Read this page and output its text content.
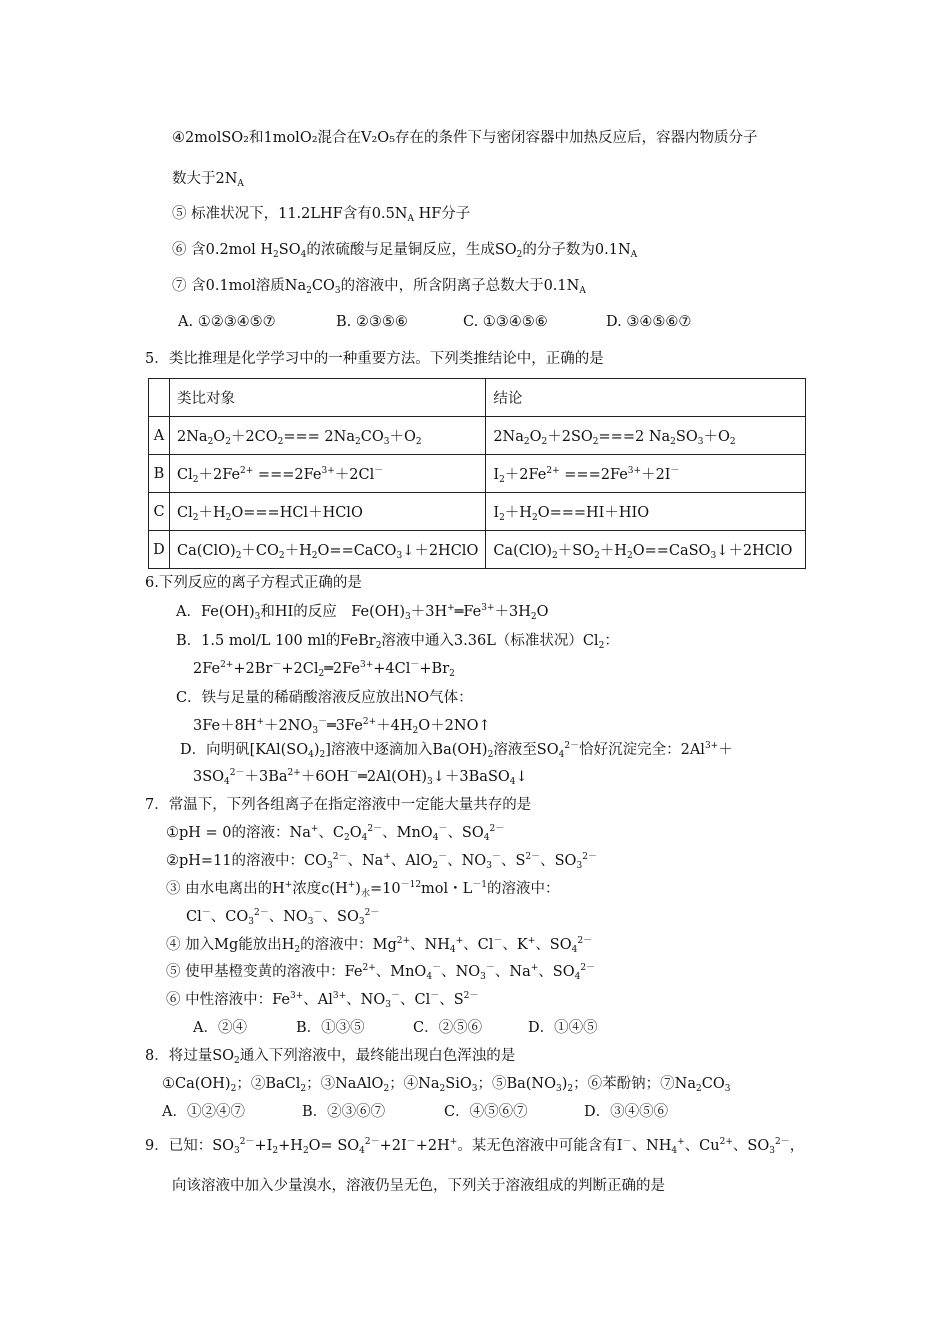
④2molSO₂和1molO₂混合在V₂O₅存在的条件下与密闭容器中加热反应后，容器内物质分子
数大于$2N_A$
⑤ 标准状况下，11.2LHF含有$0.5N_A$ HF分子
⑥ 含0.2mol $H_2SO_4$的浓硫酸与足量铜反应，生成$SO_2$的分子数为$0.1N_A$
⑦ 含0.1mol溶质$Na_2CO_3$的溶液中，所含阴离子总数大于$0.1N_A$
A. ①②③④⑤⑦	B. ②③⑤⑥	C. ①③④⑤⑥	D. ③④⑤⑥⑦
5．类比推理是化学学习中的一种重要方法。下列类推结论中，正确的是
	类比对象	结论
A	$2Na_2O_2+2CO_2=== 2Na_2CO_3+O_2$	$2Na_2O_2+2SO_2===2$ $Na_2SO_3+O_2$
B	$Cl_2+2Fe^{2+} ===2Fe^{3+}+2Cl^-$	$I_2+2Fe^{2+} ===2Fe^{3+}+2I^-$
C	$Cl_2+H_2O===HCl+HClO$	$I_2+H_2O===HI+HIO$
D	$Ca(ClO)_2+CO_2+H_2O==CaCO_3↓+2HClO$	$Ca(ClO)_2+SO_2+H_2O==CaSO_3↓+2HClO$
6.下列反应的离子方程式正确的是
A．$Fe(OH)_3$和HI的反应　$Fe(OH)_3+3H^+═Fe^{3+}+3H_2O$
B．1.5 mol/L 100 ml的FeBr$_2$溶液中通入3.36L（标准状况）$Cl_2$：
$2Fe^{2+}+2Br^-+2Cl_2═2Fe^{3+}+4Cl^-+Br_2$
C．铁与足量的稀硝酸溶液反应放出NO气体：
$3Fe+8H^++2NO_3^-═3Fe^{2+}+4H_2O+2NO↑$
D．向明矾$[KAl(SO_4)_2]$溶液中逐滴加入$Ba(OH)_2$溶液至$SO_4^{2-}$恰好沉淀完全：$2Al^{3+}+$
$3SO_4^{2-}+3Ba^{2+}+6OH^-═2Al(OH)_3↓+3BaSO_4↓$
7．常温下，下列各组离子在指定溶液中一定能大量共存的是
①pH = 0的溶液：Na+、$C_2O_4^{2-}$、MnO$_4$－、$SO_4^{2-}$
②pH=11的溶液中：$CO_3^{2-}$、Na+、AlO$_2$－、$NO_3^-$、$S^{2-}$、$SO_3^{2-}$
③ 由水电离出的H+浓度$c(H^+)_水=10^{-12}mol$・$L^{-1}$的溶液中：
Cl－、$CO_3^{2-}$、$NO_3^-$、$SO_3^{2-}$
④ 加入Mg能放出$H_2$的溶液中：$Mg^{2+}$、$NH_4^+$、Cl－、K+、$SO_4^{2-}$
⑤ 使甲基橙变黄的溶液中：$Fe^{2+}$、MnO$_4$－、$NO_3^-$、Na+、$SO_4^{2-}$
⑥ 中性溶液中：$Fe^{3+}$、$Al^{3+}$、$NO_3^-$、Cl－、$S^{2-}$
A．②④	B．①③⑤	C．②⑤⑥	D．①④⑤
8．将过量$SO_2$通入下列溶液中，最终能出现白色浑浊的是
$①Ca(OH)_2$；②BaCl$_2$；③NaAlO$_2$；$④Na_2SiO_3$；$⑤Ba(NO_3)_2$；⑥苯酚钠；$⑦Na_2CO_3$
A．①②④⑦	B．②③⑥⑦	C．④⑤⑥⑦	D．③④⑤⑥
9．已知：$SO_3^{2-}+I_2+H_2O= SO_4^{2-}+2I^-+2H^+$。某无色溶液中可能含有I－、$NH_4^+$、$Cu^{2+}$、$SO_3^{2-}$，
向该溶液中加入少量溴水，溶液仍呈无色，下列关于溶液组成的判断正确的是
